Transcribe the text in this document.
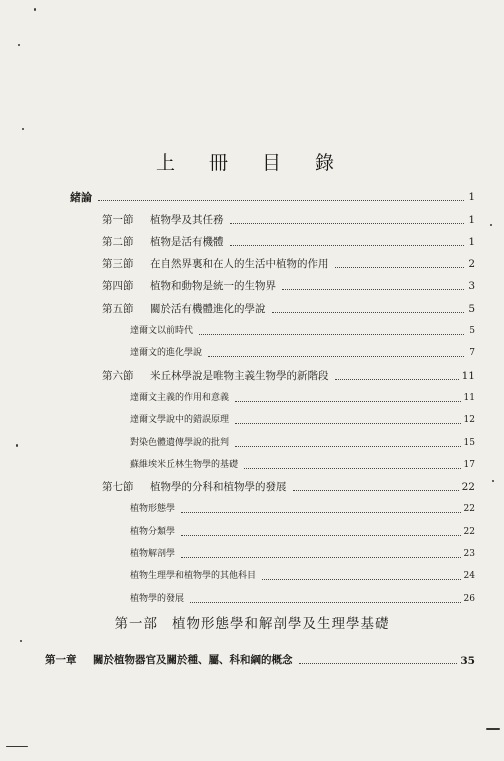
上 冊 目 錄
緒論	1
第一節	植物學及其任務	1
第二節	植物是活有機體	1
第三節	在自然界裏和在人的生活中植物的作用	2
第四節	植物和動物是統一的生物界	3
第五節	關於活有機體進化的學說	5
達爾文以前時代	5
達爾文的進化學說	7
第六節	米丘林學說是唯物主義生物學的新階段	11
達爾文主義的作用和意義	11
達爾文學說中的錯誤原理	12
對染色體遺傳學說的批判	15
蘇維埃米丘林生物學的基礎	17
第七節	植物學的分科和植物學的發展	22
植物形態學	22
植物分類學	22
植物解剖學	23
植物生理學和植物學的其他科目	24
植物學的發展	26
第一部 植物形態學和解剖學及生理學基礎
第一章	關於植物器官及關於種、屬、科和綱的概念	35
